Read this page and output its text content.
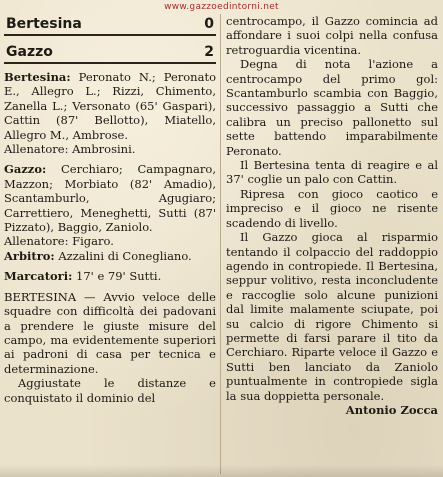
www.gazzoedintorni.net
Bertesina	0
Gazzo	2

Bertesina: Peronato N.; Peronato E., Allegro L.; Rizzi, Chimento, Zanella L.; Versonato (65' Gaspari), Cattin (87' Bellotto), Miatello, Allegro M., Ambrose.

Allenatore: Ambrosini.

Gazzo: Cerchiaro; Campagnaro, Mazzon; Morbiato (82' Amadio), Scantamburlo, Agugiaro; Carrettiero, Meneghetti, Sutti (87' Pizzato), Baggio, Zaniolo.

Allenatore: Figaro.

Arbitro: Azzalini di Conegliano.

Marcatori: 17' e 79' Sutti.

BERTESINA — Avvio veloce delle squadre con difficoltà dei padovani a prendere le giuste misure del campo, ma evidentemente superiori ai padroni di casa per tecnica e determinazione.

Aggiustate le distanze e conquistato il dominio del

centrocampo, il Gazzo comincia ad affondare i suoi colpi nella confusa retroguardia vicentina.

Degna di nota l'azione a centrocampo del primo gol: Scantamburlo scambia con Baggio, successivo passaggio a Sutti che calibra un preciso pallonetto sul sette battendo imparabilmente Peronato.

Il Bertesina tenta di reagire e al 37' coglie un palo con Cattin.

Ripresa con gioco caotico e impreciso e il gioco ne risente scadendo di livello.

Il Gazzo gioca al risparmio tentando il colpaccio del raddoppio agendo in contropiede. Il Bertesina, seppur volitivo, resta inconcludente e raccoglie solo alcune punizioni dal limite malamente sciupate, poi su calcio di rigore Chimento si permette di farsi parare il tito da Cerchiaro. Riparte veloce il Gazzo e Sutti ben lanciato da Zaniolo puntualmente in contropiede sigla la sua doppietta personale.

Antonio Zocca
